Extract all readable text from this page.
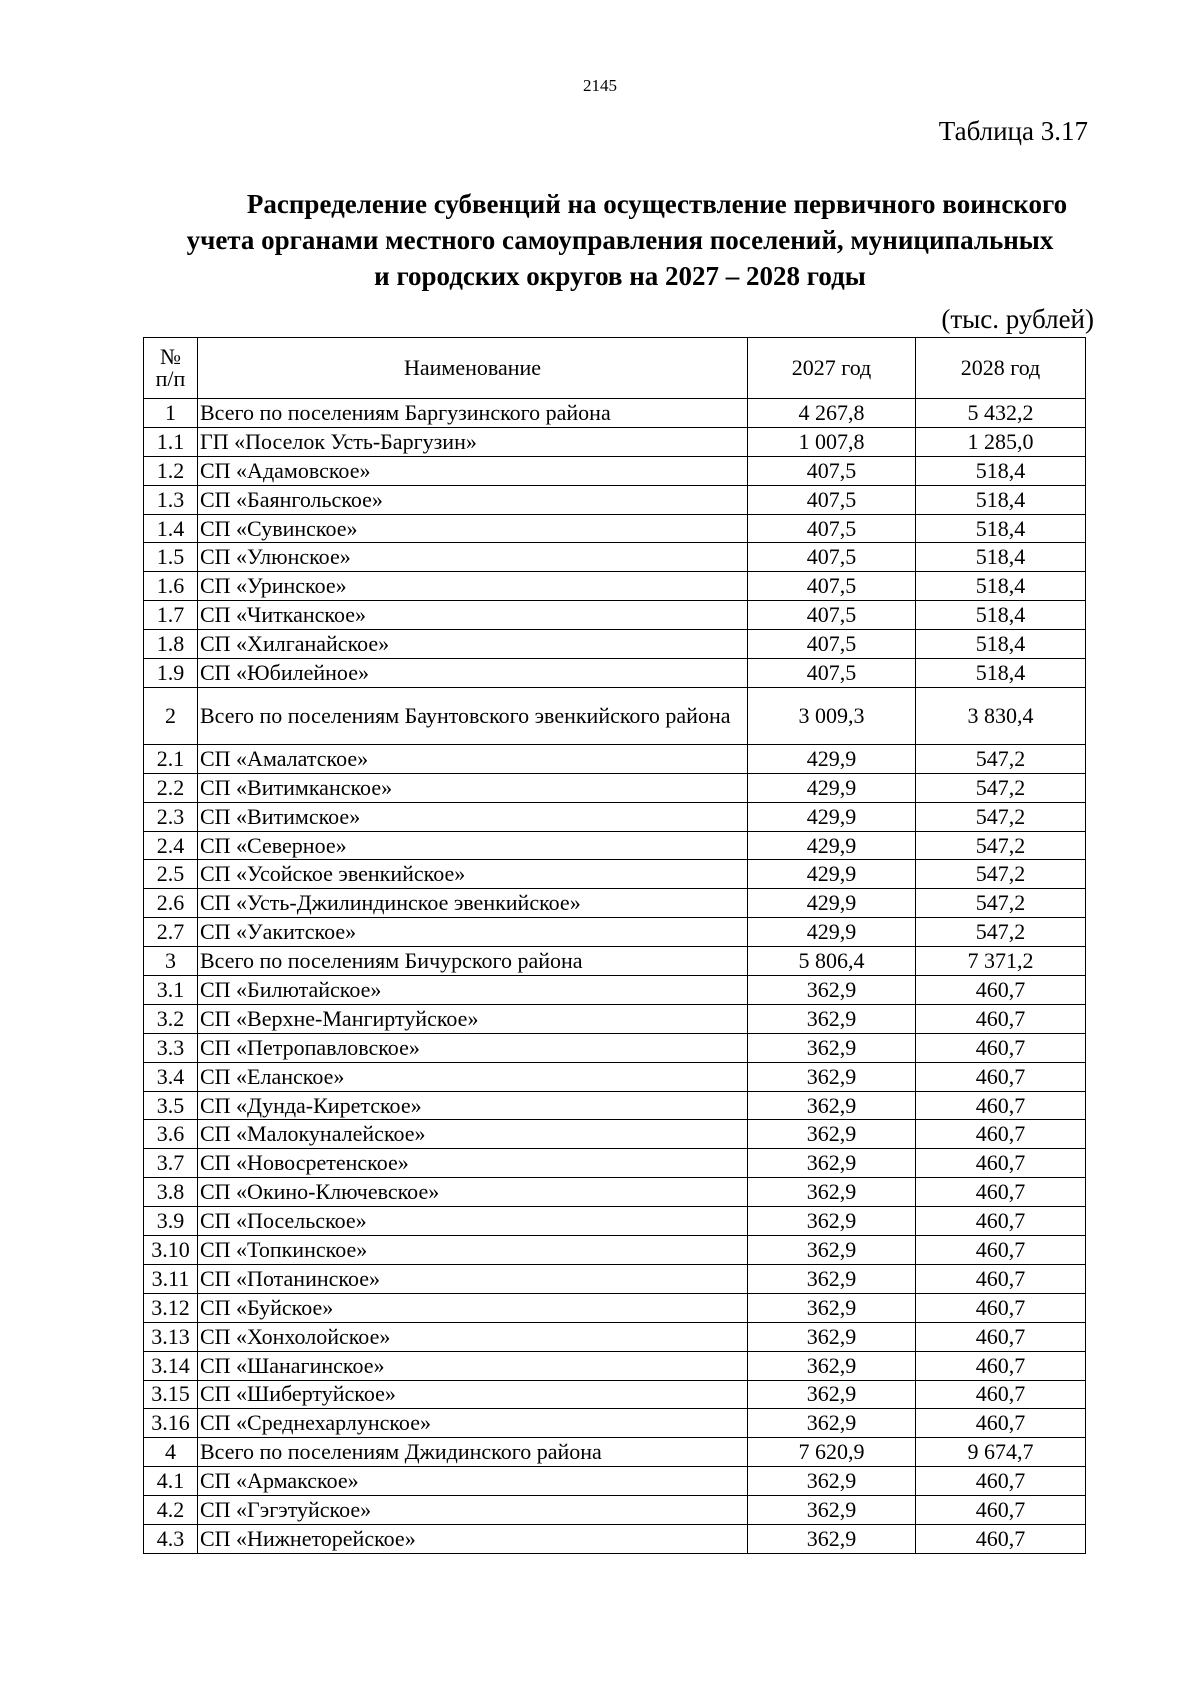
2145
Таблица 3.17
Распределение субвенций на осуществление первичного воинского
учета органами местного самоуправления поселений, муниципальных
и городских округов на 2027 – 2028 годы
(тыс. рублей)
№
п/п	Наименование	2027 год	2028 год
1	Всего по поселениям Баргузинского района	4 267,8	5 432,2
1.1	ГП «Поселок Усть-Баргузин»	1 007,8	1 285,0
1.2	СП «Адамовское»	407,5	518,4
1.3	СП «Баянгольское»	407,5	518,4
1.4	СП «Сувинское»	407,5	518,4
1.5	СП «Улюнское»	407,5	518,4
1.6	СП «Уринское»	407,5	518,4
1.7	СП «Читканское»	407,5	518,4
1.8	СП «Хилганайское»	407,5	518,4
1.9	СП «Юбилейное»	407,5	518,4
2	Всего по поселениям Баунтовского эвенкийского района	3 009,3	3 830,4
2.1	СП «Амалатское»	429,9	547,2
2.2	СП «Витимканское»	429,9	547,2
2.3	СП «Витимское»	429,9	547,2
2.4	СП «Северное»	429,9	547,2
2.5	СП «Усойское эвенкийское»	429,9	547,2
2.6	СП «Усть-Джилиндинское эвенкийское»	429,9	547,2
2.7	СП «Уакитское»	429,9	547,2
3	Всего по поселениям Бичурского района	5 806,4	7 371,2
3.1	СП «Билютайское»	362,9	460,7
3.2	СП «Верхне-Мангиртуйское»	362,9	460,7
3.3	СП «Петропавловское»	362,9	460,7
3.4	СП «Еланское»	362,9	460,7
3.5	СП «Дунда-Киретское»	362,9	460,7
3.6	СП «Малокуналейское»	362,9	460,7
3.7	СП «Новосретенское»	362,9	460,7
3.8	СП «Окино-Ключевское»	362,9	460,7
3.9	СП «Посельское»	362,9	460,7
3.10	СП «Топкинское»	362,9	460,7
3.11	СП «Потанинское»	362,9	460,7
3.12	СП «Буйское»	362,9	460,7
3.13	СП «Хонхолойское»	362,9	460,7
3.14	СП «Шанагинское»	362,9	460,7
3.15	СП «Шибертуйское»	362,9	460,7
3.16	СП «Среднехарлунское»	362,9	460,7
4	Всего по поселениям Джидинского района	7 620,9	9 674,7
4.1	СП «Армакское»	362,9	460,7
4.2	СП «Гэгэтуйское»	362,9	460,7
4.3	СП «Нижнеторейское»	362,9	460,7
